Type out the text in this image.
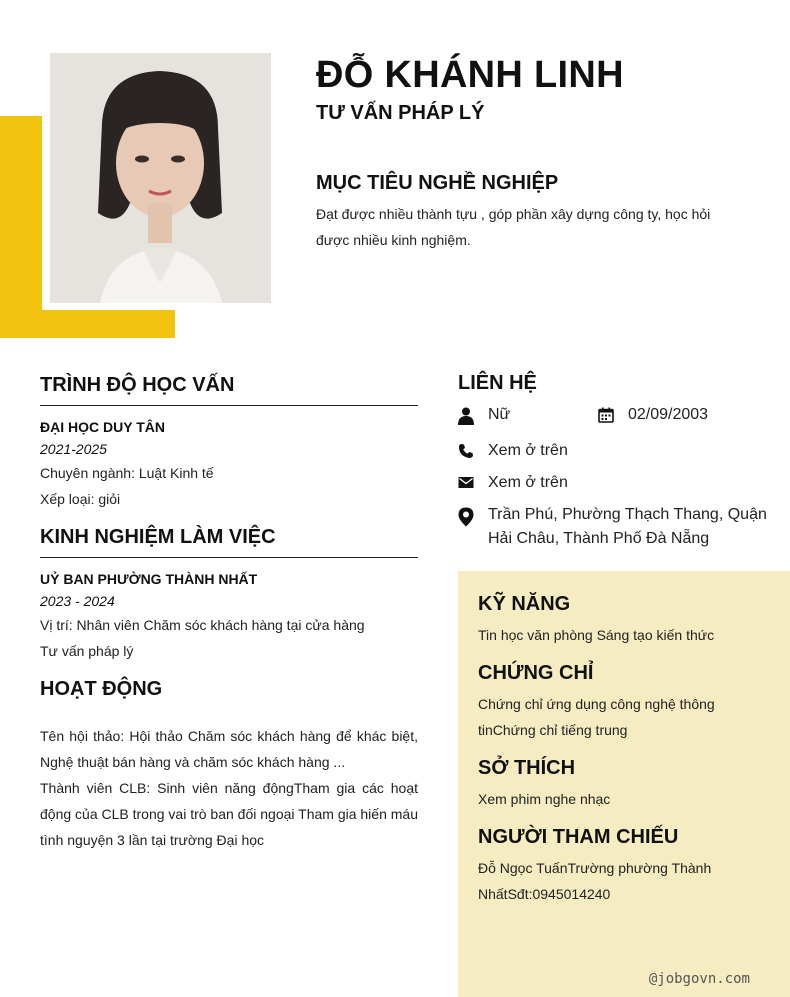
ĐỖ KHÁNH LINH
TƯ VẤN PHÁP LÝ
MỤC TIÊU NGHỀ NGHIỆP
Đạt được nhiều thành tựu , góp phần xây dựng công ty, học hỏi được nhiều kinh nghiệm.
TRÌNH ĐỘ HỌC VẤN
ĐẠI HỌC DUY TÂN
2021-2025
Chuyên ngành: Luật Kinh tế
Xếp loại: giỏi
KINH NGHIỆM LÀM VIỆC
UỶ BAN PHƯỜNG THÀNH NHẤT
2023 - 2024
Vị trí: Nhân viên Chăm sóc khách hàng tại cửa hàng
Tư vấn pháp lý
HOẠT ĐỘNG
Tên hội thảo: Hội thảo Chăm sóc khách hàng để khác biệt, Nghệ thuật bán hàng và chăm sóc khách hàng ...
Thành viên CLB: Sinh viên năng độngTham gia các hoạt động của CLB trong vai trò ban đối ngoại Tham gia hiến máu tình nguyện 3 lần tại trường Đại học
LIÊN HỆ
Nữ	02/09/2003
Xem ở trên
Xem ở trên
Trần Phú, Phường Thạch Thang, Quận Hải Châu, Thành Phố Đà Nẵng
KỸ NĂNG
Tin học văn phòng Sáng tạo kiến thức
CHỨNG CHỈ
Chứng chỉ ứng dụng công nghệ thông tinChứng chỉ tiếng trung
SỞ THÍCH
Xem phim nghe nhạc
NGƯỜI THAM CHIẾU
Đỗ Ngọc TuấnTrường phường Thành NhấtSđt:0945014240
@jobgovn.com
